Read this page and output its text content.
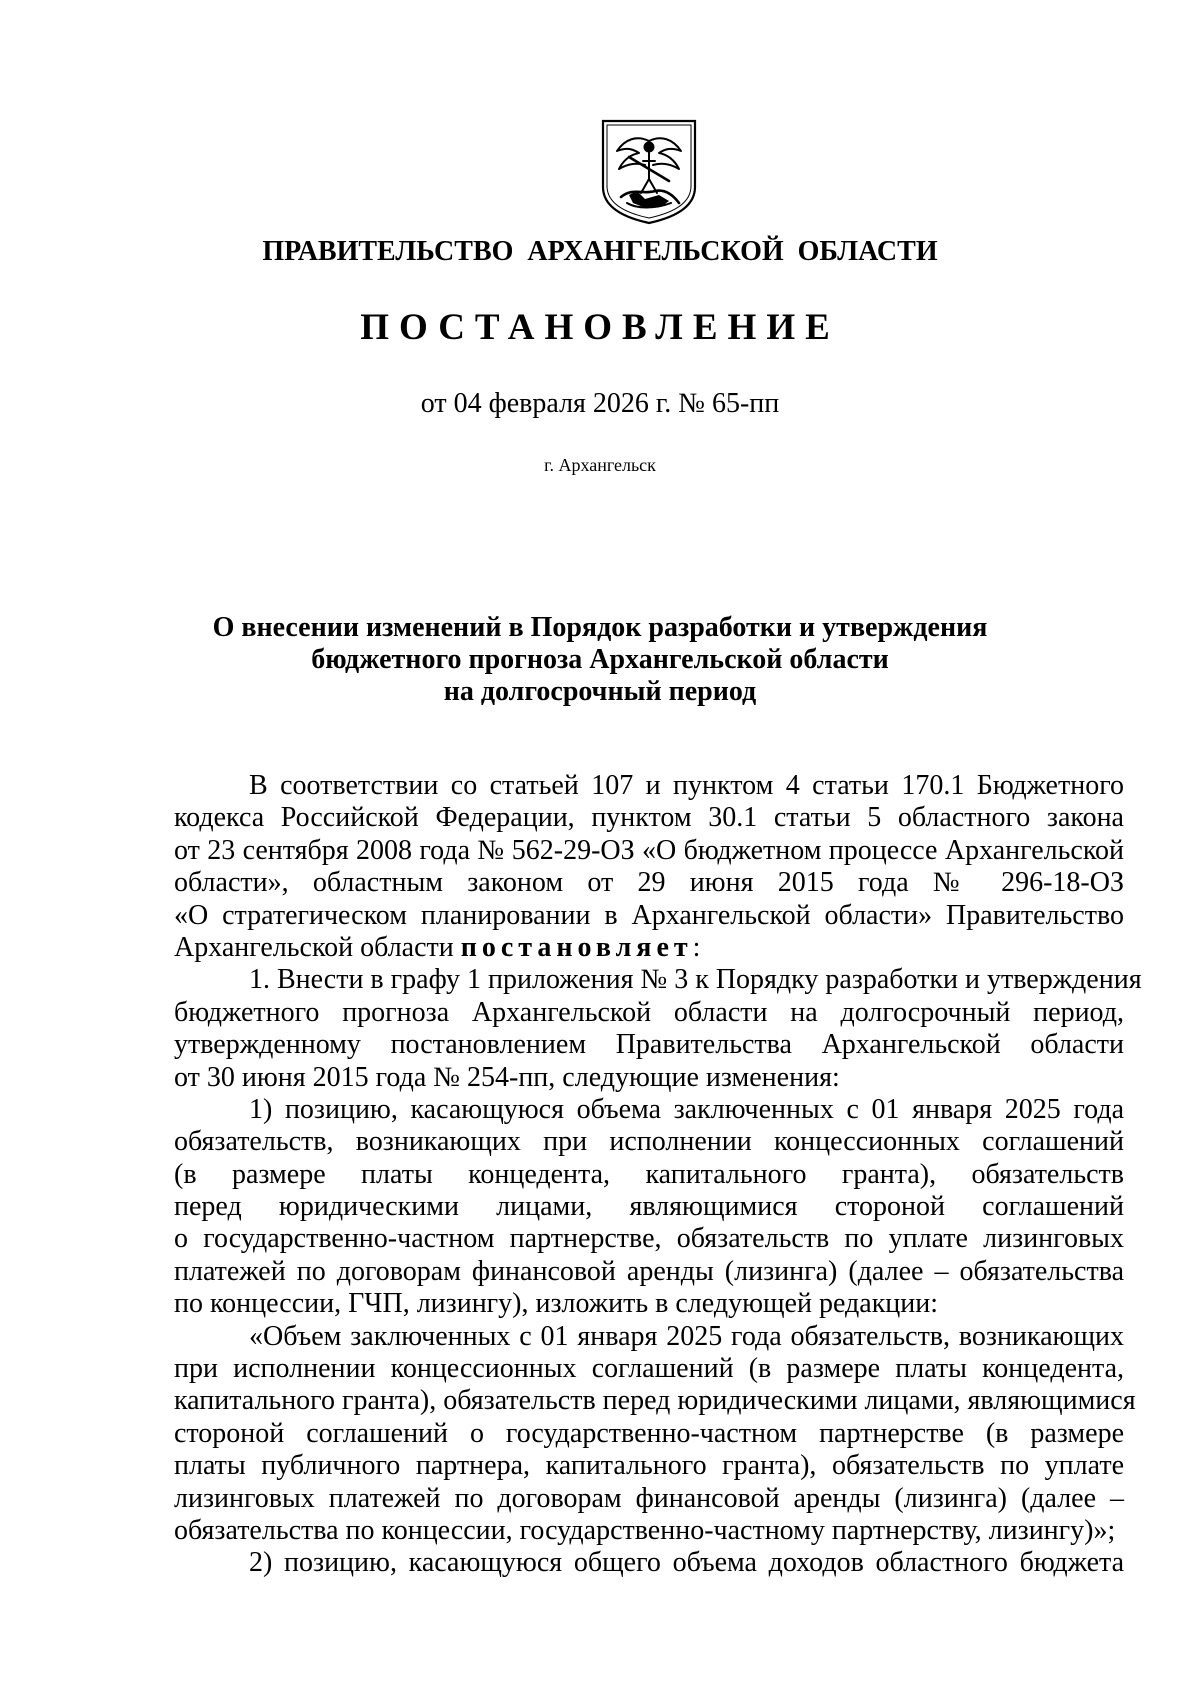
ПРАВИТЕЛЬСТВО АРХАНГЕЛЬСКОЙ ОБЛАСТИ
ПОСТАНОВЛЕНИЕ
от 04 февраля 2026 г. № 65-пп
г. Архангельск
О внесении изменений в Порядок разработки и утверждения
бюджетного прогноза Архангельской области
на долгосрочный период
В соответствии со статьей 107 и пунктом 4 статьи 170.1 Бюджетного
кодекса Российской Федерации, пунктом 30.1 статьи 5 областного закона
от 23 сентября 2008 года № 562-29-ОЗ «О бюджетном процессе Архангельской
области», областным законом от 29 июня 2015 года № 296-18-ОЗ
«О стратегическом планировании в Архангельской области» Правительство
Архангельской области постановляет:
1. Внести в графу 1 приложения № 3 к Порядку разработки и утверждения
бюджетного прогноза Архангельской области на долгосрочный период,
утвержденному постановлением Правительства Архангельской области
от 30 июня 2015 года № 254-пп, следующие изменения:
1) позицию, касающуюся объема заключенных с 01 января 2025 года
обязательств, возникающих при исполнении концессионных соглашений
(в размере платы концедента, капитального гранта), обязательств
перед юридическими лицами, являющимися стороной соглашений
о государственно-частном партнерстве, обязательств по уплате лизинговых
платежей по договорам финансовой аренды (лизинга) (далее – обязательства
по концессии, ГЧП, лизингу), изложить в следующей редакции:
«Объем заключенных с 01 января 2025 года обязательств, возникающих
при исполнении концессионных соглашений (в размере платы концедента,
капитального гранта), обязательств перед юридическими лицами, являющимися
стороной соглашений о государственно-частном партнерстве (в размере
платы публичного партнера, капитального гранта), обязательств по уплате
лизинговых платежей по договорам финансовой аренды (лизинга) (далее –
обязательства по концессии, государственно-частному партнерству, лизингу)»;
2) позицию, касающуюся общего объема доходов областного бюджета
